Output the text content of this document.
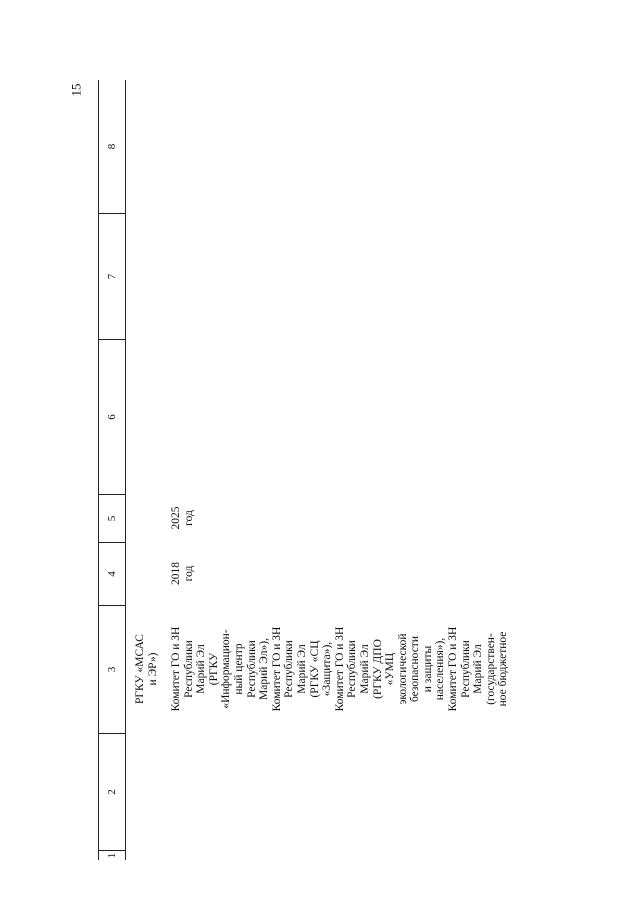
15
1
2
3
4
5
6
7
8
РГКУ «МСАС и ЭР») Комитет ГО и ЗН Республики Марий Эл (РГКУ «Информацион- ный центр Республики Марий Эл»), Комитет ГО и ЗН Республики Марий Эл (РГКУ «СЦ «Защита»), Комитет ГО и ЗН Республики Марий Эл (РГКУ ДПО «УМЦ экологической безопасности и защиты населения»), Комитет ГО и ЗН Республики Марий Эл (государствен- ное бюджетное
2018 год
2025 год
